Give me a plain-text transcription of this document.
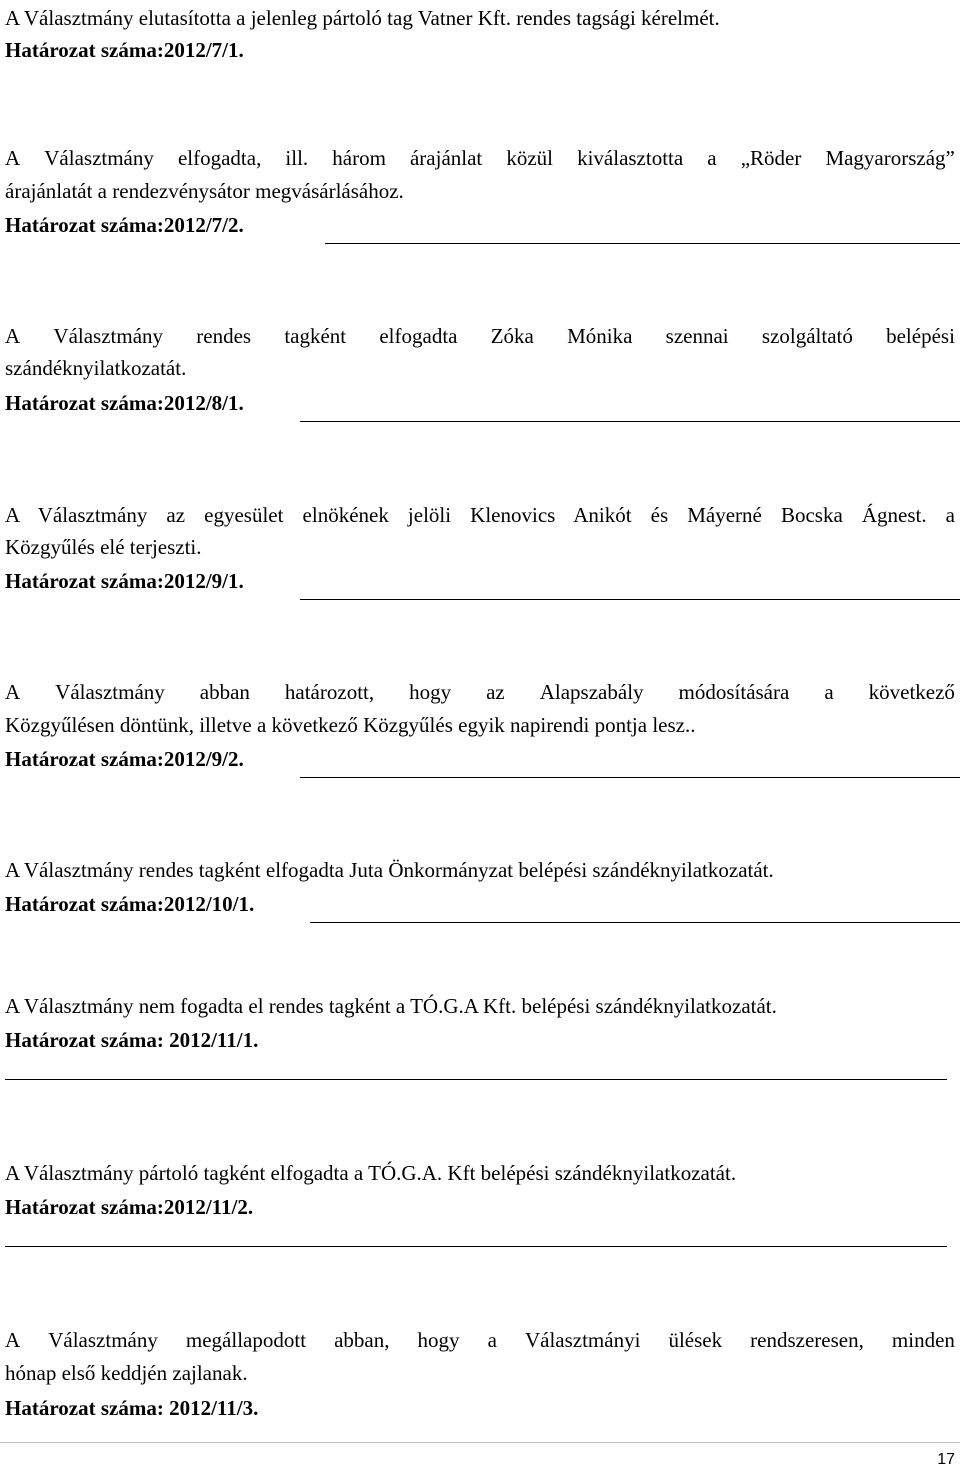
A Választmány elutasította a jelenleg pártoló tag Vatner Kft. rendes tagsági kérelmét.
Határozat száma:2012/7/1.
A Választmány elfogadta, ill. három árajánlat közül kiválasztotta a „Röder Magyarország”
árajánlatát a rendezvénysátor megvásárlásához.
Határozat száma:2012/7/2.
A Választmány rendes tagként elfogadta Zóka Mónika szennai szolgáltató belépési
szándéknyilatkozatát.
Határozat száma:2012/8/1.
A Választmány az egyesület elnökének jelöli Klenovics Anikót és Máyerné Bocska Ágnest. a
Közgyűlés elé terjeszti.
Határozat száma:2012/9/1.
A Választmány abban határozott, hogy az Alapszabály módosítására a következő
Közgyűlésen döntünk, illetve a következő Közgyűlés egyik napirendi pontja lesz..
Határozat száma:2012/9/2.
A Választmány rendes tagként elfogadta Juta Önkormányzat belépési szándéknyilatkozatát.
Határozat száma:2012/10/1.
A Választmány nem fogadta el rendes tagként a TÓ.G.A Kft. belépési szándéknyilatkozatát.
Határozat száma: 2012/11/1.
A Választmány pártoló tagként elfogadta a TÓ.G.A. Kft belépési szándéknyilatkozatát.
Határozat száma:2012/11/2.
A Választmány megállapodott abban, hogy a Választmányi ülések rendszeresen, minden
hónap első keddjén zajlanak.
Határozat száma: 2012/11/3.
17
